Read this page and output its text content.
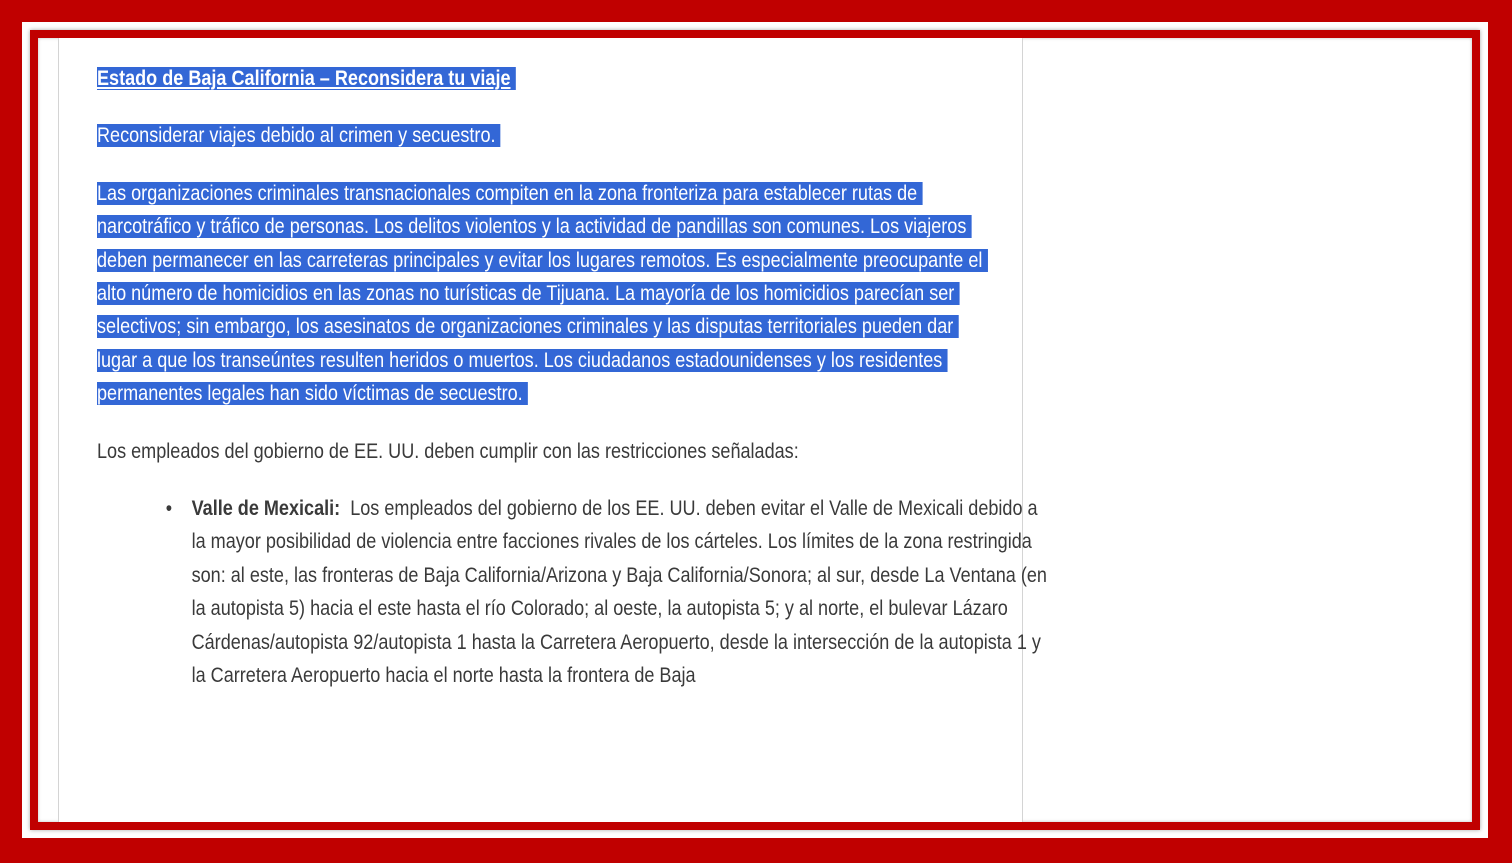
Estado de Baja California – Reconsidera tu viaje

Reconsiderar viajes debido al crimen y secuestro.

Las organizaciones criminales transnacionales compiten en la zona fronteriza para establecer rutas de narcotráfico y tráfico de personas. Los delitos violentos y la actividad de pandillas son comunes. Los viajeros deben permanecer en las carreteras principales y evitar los lugares remotos. Es especialmente preocupante el alto número de homicidios en las zonas no turísticas de Tijuana. La mayoría de los homicidios parecían ser selectivos; sin embargo, los asesinatos de organizaciones criminales y las disputas territoriales pueden dar lugar a que los transeúntes resulten heridos o muertos. Los ciudadanos estadounidenses y los residentes permanentes legales han sido víctimas de secuestro.

Los empleados del gobierno de EE. UU. deben cumplir con las restricciones señaladas:

• Valle de Mexicali: Los empleados del gobierno de los EE. UU. deben evitar el Valle de Mexicali debido a la mayor posibilidad de violencia entre facciones rivales de los cárteles. Los límites de la zona restringida son: al este, las fronteras de Baja California/Arizona y Baja California/Sonora; al sur, desde La Ventana (en la autopista 5) hacia el este hasta el río Colorado; al oeste, la autopista 5; y al norte, el bulevar Lázaro Cárdenas/autopista 92/autopista 1 hasta la Carretera Aeropuerto, desde la intersección de la autopista 1 y la Carretera Aeropuerto hacia el norte hasta la frontera de Baja
